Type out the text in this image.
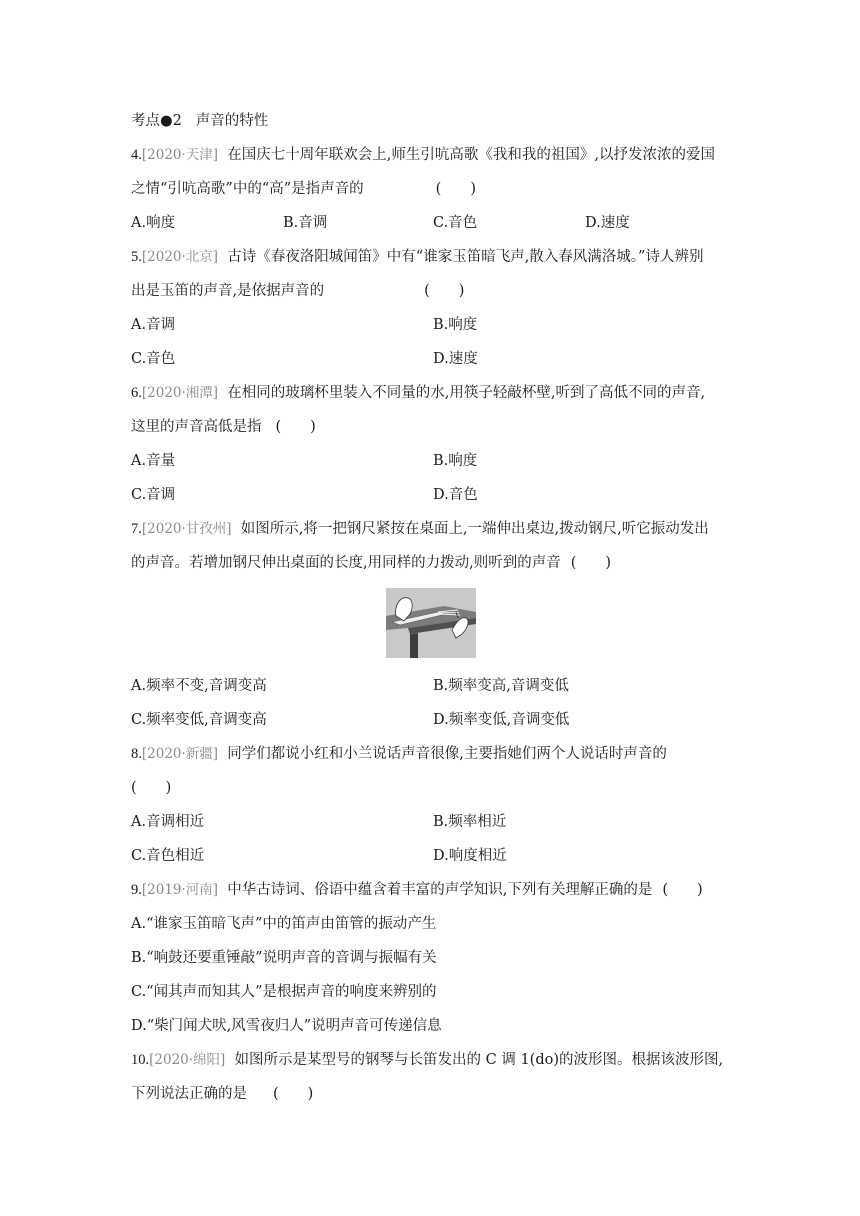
考点●2 声音的特性
4.[2020·天津] 在国庆七十周年联欢会上,师生引吭高歌《我和我的祖国》,以抒发浓浓的爱国
之情“引吭高歌”中的“高”是指声音的	(　　)
A.响度	B.音调	C.音色	D.速度
5.[2020·北京] 古诗《春夜洛阳城闻笛》中有“谁家玉笛暗飞声,散入春风满洛城。”诗人辨别
出是玉笛的声音,是依据声音的	(　　)
A.音调	B.响度
C.音色	D.速度
6.[2020·湘潭] 在相同的玻璃杯里装入不同量的水,用筷子轻敲杯壁,听到了高低不同的声音,
这里的声音高低是指 (　　)
A.音量	B.响度
C.音调	D.音色
7.[2020·甘孜州] 如图所示,将一把钢尺紧按在桌面上,一端伸出桌边,拨动钢尺,听它振动发出
的声音。若增加钢尺伸出桌面的长度,用同样的力拨动,则听到的声音 (　　)
A.频率不变,音调变高	B.频率变高,音调变低
C.频率变低,音调变高	D.频率变低,音调变低
8.[2020·新疆] 同学们都说小红和小兰说话声音很像,主要指她们两个人说话时声音的
(　　)
A.音调相近	B.频率相近
C.音色相近	D.响度相近
9.[2019·河南] 中华古诗词、俗语中蕴含着丰富的声学知识,下列有关理解正确的是 (　　)
A.“谁家玉笛暗飞声”中的笛声由笛管的振动产生
B.“响鼓还要重锤敲”说明声音的音调与振幅有关
C.“闻其声而知其人”是根据声音的响度来辨别的
D.“柴门闻犬吠,风雪夜归人”说明声音可传递信息
10.[2020·绵阳] 如图所示是某型号的钢琴与长笛发出的 C 调 1(do)的波形图。根据该波形图,
下列说法正确的是 (　　)
